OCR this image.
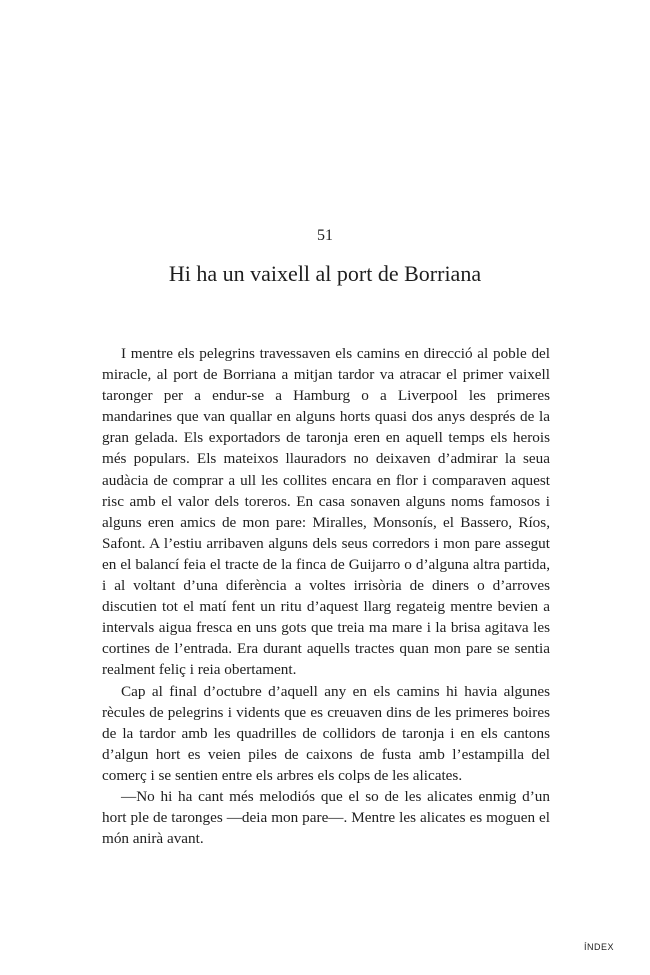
51
Hi ha un vaixell al port de Borriana

I mentre els pelegrins travessaven els camins en direcció al poble del miracle, al port de Borriana a mitjan tardor va atracar el primer vaixell taronger per a endur-se a Hamburg o a Liverpool les primeres mandarines que van quallar en alguns horts quasi dos anys després de la gran gelada. Els exportadors de taronja eren en aquell temps els herois més populars. Els mateixos llauradors no deixaven d’admirar la seua audàcia de comprar a ull les collites encara en flor i comparaven aquest risc amb el valor dels toreros. En casa sonaven alguns noms famosos i alguns eren amics de mon pare: Miralles, Monsonís, el Bassero, Ríos, Safont. A l’estiu arribaven alguns dels seus corredors i mon pare assegut en el balancí feia el tracte de la finca de Guijarro o d’alguna altra partida, i al voltant d’una diferència a voltes irrisòria de diners o d’arroves discutien tot el matí fent un ritu d’aquest llarg regateig mentre bevien a intervals aigua fresca en uns gots que treia ma mare i la brisa agitava les cortines de l’entrada. Era durant aquells tractes quan mon pare se sentia realment feliç i reia obertament.

Cap al final d’octubre d’aquell any en els camins hi havia algunes rècules de pelegrins i vidents que es creuaven dins de les primeres boires de la tardor amb les quadrilles de collidors de taronja i en els cantons d’algun hort es veien piles de caixons de fusta amb l’estampilla del comerç i se sentien entre els arbres els colps de les alicates.

—No hi ha cant més melodiós que el so de les alicates enmig d’un hort ple de taronges —deia mon pare—. Mentre les alicates es moguen el món anirà avant.

ÍNDEX
